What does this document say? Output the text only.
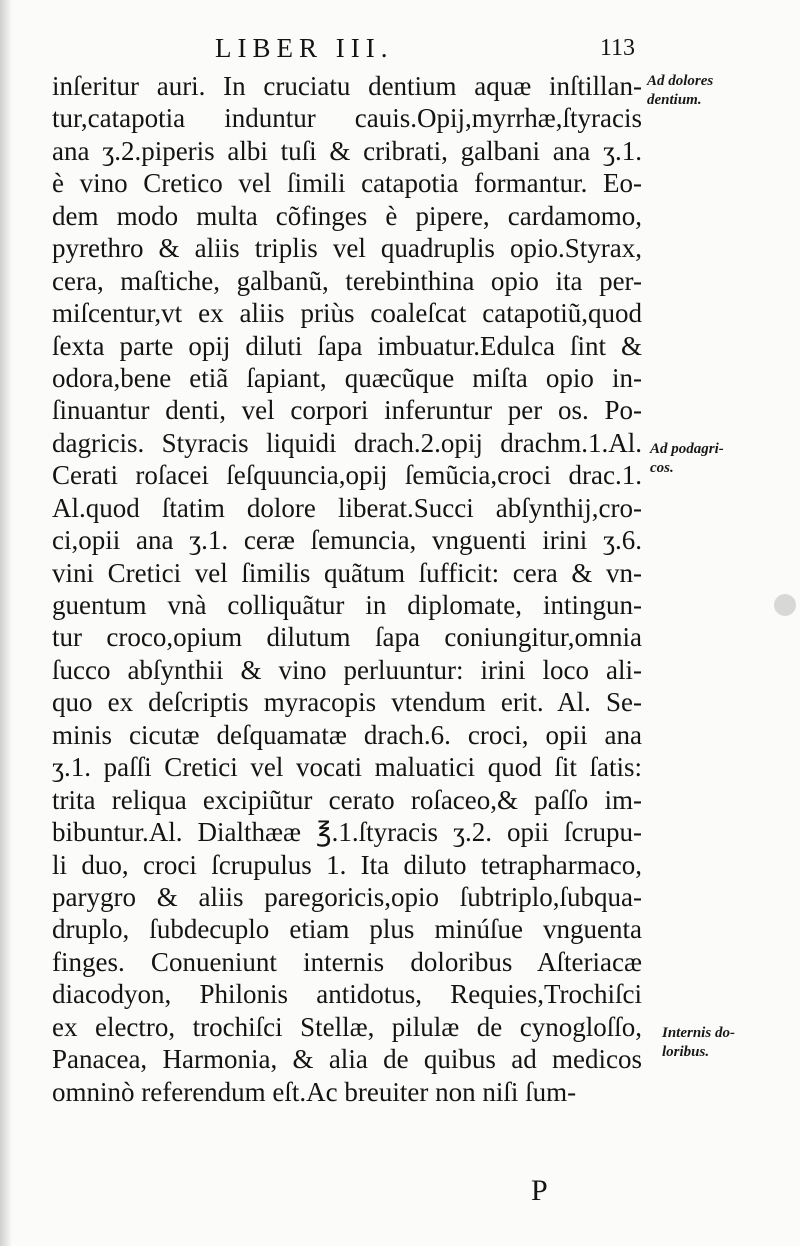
LIBER III.	113
inſeritur auri. In cruciatu dentium aquæ inſtillan-
tur,catapotia induntur cauis.Opij,myrrhæ,ſtyracis
ana ʒ.2.piperis albi tuſi & cribrati, galbani ana ʒ.1.
è vino Cretico vel ſimili catapotia formantur. Eo-
dem modo multa cõfinges è pipere, cardamomo,
pyrethro & aliis triplis vel quadruplis opio.Styrax,
cera, maſtiche, galbanũ, terebinthina opio ita per-
miſcentur,vt ex aliis priùs coaleſcat catapotiũ,quod
ſexta parte opij diluti ſapa imbuatur.Edulca ſint &
odora,bene etiã ſapiant, quæcũque miſta opio in-
ſinuantur denti, vel corpori inferuntur per os. Po-
dagricis. Styracis liquidi drach.2.opij drachm.1.Al.
Cerati roſacei ſeſquuncia,opij ſemũcia,croci drac.1.
Al.quod ſtatim dolore liberat.Succi abſynthij,cro-
ci,opii ana ʒ.1. ceræ ſemuncia, vnguenti irini ʒ.6.
vini Cretici vel ſimilis quãtum ſufficit: cera & vn-
guentum vnà colliquãtur in diplomate, intingun-
tur croco,opium dilutum ſapa coniungitur,omnia
ſucco abſynthii & vino perluuntur: irini loco ali-
quo ex deſcriptis myracopis vtendum erit. Al. Se-
minis cicutæ deſquamatæ drach.6. croci, opii ana
ʒ.1. paſſi Cretici vel vocati maluatici quod ſit ſatis:
trita reliqua excipiũtur cerato roſaceo,& paſſo im-
bibuntur.Al. Dialthææ ℥.1.ſtyracis ʒ.2. opii ſcrupu-
li duo, croci ſcrupulus 1. Ita diluto tetrapharmaco,
parygro & aliis paregoricis,opio ſubtriplo,ſubqua-
druplo, ſubdecuplo etiam plus minúſue vnguenta
finges. Conueniunt internis doloribus Aſteriacæ
diacodyon, Philonis antidotus, Requies,Trochiſci
ex electro, trochiſci Stellæ, pilulæ de cynogloſſo,
Panacea, Harmonia, & alia de quibus ad medicos
omninò referendum eſt.Ac breuiter non niſi ſum-
Ad dolores
dentium.
Ad podagri-
cos.
Internis do-
loribus.
P
